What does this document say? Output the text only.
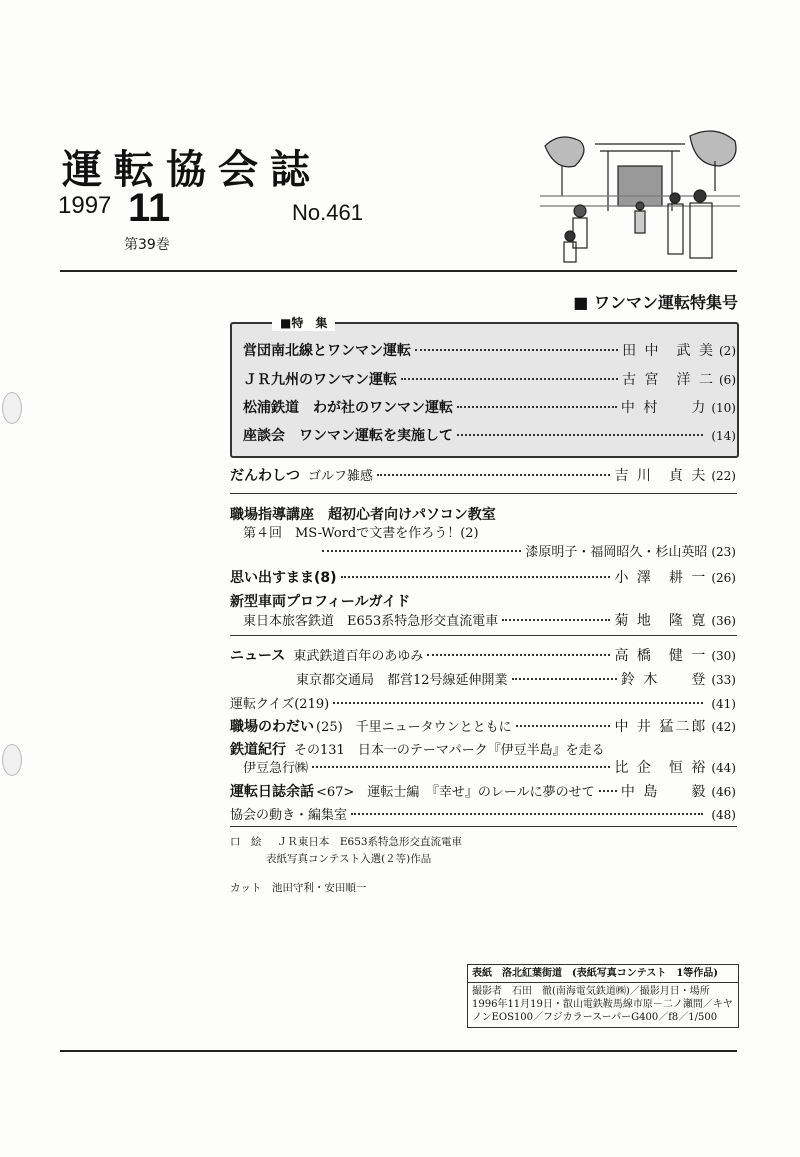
運転協会誌
1997 11	No.461
第39巻
■ ワンマン運転特集号
■特　集
営団南北線とワンマン運転	田 中　武 美 (2)
ＪＲ九州のワンマン運転	古 宮　洋 二 (6)
松浦鉄道　わが社のワンマン運転	中 村　　力 (10)
座談会　ワンマン運転を実施して	(14)
だんわしつ ゴルフ雑感	吉 川　貞 夫 (22)
職場指導講座　超初心者向けパソコン教室
第４回　MS-Wordで文書を作ろう！(2)
漆原明子・福岡昭久・杉山英昭 (23)
思い出すまま(8)	小 澤　耕 一 (26)
新型車両プロフィールガイド
東日本旅客鉄道　E653系特急形交直流電車	菊 地　隆 寛 (36)
ニュース 東武鉄道百年のあゆみ	高 橋　健 一 (30)
東京都交通局　都営12号線延伸開業	鈴 木　　登 (33)
運転クイズ(219)	(41)
職場のわだい (25)　千里ニュータウンとともに	中 井 猛二郎 (42)
鉄道紀行 その131　日本一のテーマパーク『伊豆半島』を走る
伊豆急行㈱	比 企　恒 裕 (44)
運転日誌余話 <67>　運転士編　『幸せ』のレールに夢のせて 中 島　　毅 (46)
協会の動き・編集室	(48)
口　絵 ＪＲ東日本　E653系特急形交直流電車
表紙写真コンテスト入選(２等)作品
カット　池田守利・安田順一
表紙　洛北紅葉街道　(表紙写真コンテスト　1等作品)
撮影者　石田　徹(南海電気鉄道㈱)／撮影月日・場所
1996年11月19日・叡山電鉄鞍馬線市原－二ノ瀬間／キヤ
ノンEOS100／フジカラースーパーG400／f8／1/500
